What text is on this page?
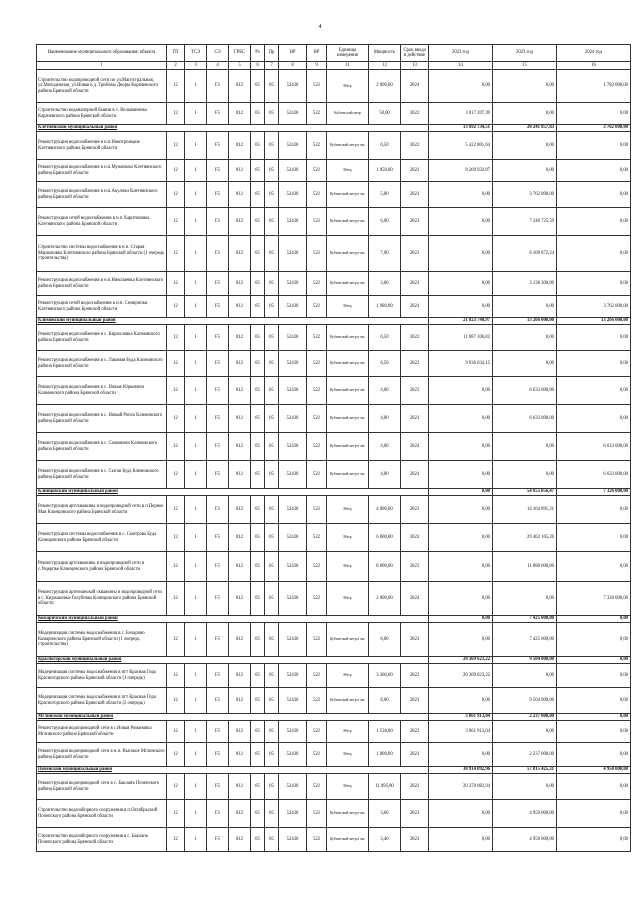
4
Наименование муниципального образования; объекта	ГП	ТСЭ	СЭ	ГРБС	Рз	Пр	НР	ВР	Единица измерения	Мощность	Срок ввода в действие	2022 год	2023 год	2024 год
1	2	3	4	5	6	7	8	9	11	12	13	14	15	16
Строительство водопроводной сети по ул.Магистральная, ул.Молодежная, ул.Новая в д. Грибовы Дворы Карачевского района Брянской области	12	1	F5	812	05	05	52430	522	Метр	2 000,00	2024	0,00	0,00	1 782 000,00
Строительство водонапорной башни в с. Вельяминова Карачевского района Брянской области	12	1	F5	812	05	05	52430	522	Кубический метр	50,00	2022	3 017 207,39	0,00	0,00
Клетнянский муниципальный район												13 692 734,51	20 241 857,83	3 762 000,00
Реконструкция водоснабжения в н.п.Новотроицкое Клетнянского района Брянской области	12	1	F5	812	05	05	52430	522	Кубический метр в час	6,50	2022	5 422 801,64	0,00	0,00
Реконструкция водоснабжения в н.п.Мужиново Клетнянского района Брянской области	12	1	F5	812	05	05	52430	522	Метр	1 958,00	2022	8 269 932,87	0,00	0,00
Реконструкция водоснабжения в н.п.Акуличи Клетнянского района Брянской области	12	1	F5	812	05	05	52430	522	Кубический метр в час	5,00	2023	0,00	3 762 000,00	0,00
Реконструкция сетей водоснабжения в н.п.Харитоновка Клетнянского района Брянской области	12	1	F5	812	05	05	52430	522	Кубический метр в час	6,00	2023	0,00	7 240 725,59	0,00
Строительство системы водоснабжения в н.п. Старая Мармазовка Клетнянского района Брянской области (1 очередь строительства)	12	1	F5	812	05	05	52430	522	Кубический метр в час	7,00	2022	0,00	6 100 872,24	0,00
Реконструкция водоснабжения в н.п.Николаевка Клетнянского района Брянской области	12	1	F5	812	05	05	52430	522	Кубический метр в час	3,00	2023	0,00	3 138 300,00	0,00
Реконструкция сетей водоснабжения в н.п. Семирички Клетнянского района Брянской области	12	1	F5	812	05	05	52430	522	Метр	1 980,00	2024	0,00	0,00	3 762 000,00
Климовский муниципальный район												21 023 740,97	13 266 000,00	13 266 000,00
Реконструкция водоснабжения в с. Кирилловка Климовского района Брянской области	12	1	F5	812	05	05	52430	522	Кубический метр в час	6,50	2022	11 087 106,82	0,00	0,00
Реконструкция водоснабжения в с. Лакомая Буда Климовского района Брянской области	12	1	F5	812	05	05	52430	522	Кубический метр в час	6,50	2022	9 936 634,15	0,00	0,00
Реконструкция водоснабжения в с. Новые Юрковичи Климовского района Брянской области	12	1	F5	812	05	05	52430	522	Кубический метр в час	4,00	2023	0,00	6 633 000,00	0,00
Реконструкция водоснабжения в с. Новый Ропск Климовского района Брянской области	12	1	F5	812	05	05	52430	522	Кубический метр в час	4,00	2023	0,00	6 633 000,00	0,00
Реконструкция водоснабжения в с. Сачковичи Климовского района Брянской области	12	1	F5	812	05	05	52430	522	Кубический метр в час	4,00	2024	0,00	0,00	6 633 000,00
Реконструкция водоснабжения в с. Сытая Буда Климовского района Брянской области	12	1	F5	812	05	05	52430	522	Кубический метр в час	4,00	2024	0,00	0,00	6 633 000,00
Клинцовский муниципальный район												0,00	54 655 056,47	7 326 000,00
Реконструкция артскважины и водопроводной сети в п.Первое Мая Клинцовского района Брянской области	12	1	F5	812	05	05	52430	522	Метр	4 000,00	2022	0,00	14 164 891,21	0,00
Реконструкция системы водоснабжения в с. Смотрова Буда Клинцовского района Брянской области	12	1	F5	812	05	05	52430	522	Метр	6 000,00	2023	0,00	29 402 165,26	0,00
Реконструкция артскважины и водопроводной сети в с.Ущерпье Клинцовского района Брянской области	12	1	F5	812	05	05	52430	522	Метр	8 000,00	2023	0,00	11 088 000,00	0,00
Реконструкция артезианской скважины и водопроводной сети в с. Киржаковка-Голубовка Клинцовского района Брянской области	12	1	F5	812	05	05	52430	522	Метр	2 000,00	2024	0,00	0,00	7 326 000,00
Комаричский муниципальный район												0,00	7 425 000,00	0,00
Модернизация системы водоснабжения в с. Бочарово Комаричского района Брянской области (1 очередь строительства)	12	1	F5	812	05	05	52430	522	Кубический метр в час	6,00	2023	0,00	7 425 000,00	0,00
Красногорский муниципальный район												20 369 623,22	9 504 000,00	0,00
Модернизация системы водоснабжения в пгт Красная Гора Красногорского района Брянской области (1 очередь)	12	1	F5	812	05	05	52430	522	Метр	3 300,00	2022	20 369 623,22	0,00	0,00
Модернизация системы водоснабжения в пгт Красная Гора Красногорского района Брянской области (2 очередь)	12	1	F5	812	05	05	52430	522	Кубический метр в час	8,00	2023	0,00	9 504 000,00	0,00
Мглинский муниципальный район												3 061 913,04	2 237 000,00	0,00
Реконструкция водопроводной сети в с.Новая Романовка Мглинского района Брянской области	12	1	F5	812	05	05	52430	522	Метр	1 538,00	2022	3 061 913,04	0,00	0,00
Реконструкция водопроводной сети в н.п. Высокое Мглинского района Брянской области	12	1	F5	812	05	05	52430	522	Метр	1 800,00	2023	0,00	2 237 000,00	0,00
Почепский муниципальный район												30 914 092,96	57 815 425,31	4 950 000,00
Реконструкция водопроводной сети в с. Бакланъ Почепского района Брянской области	12	1	F5	812	05	05	52430	522	Метр	11 095,00	2022	20 370 083,94	0,00	0,00
Строительство водозаборного сооружения в п.Октябрьский Почепского района Брянской области	12	1	F5	812	05	05	52430	522	Кубический метр в час	3,60	2023	0,00	4 950 000,00	0,00
Строительство водозаборного сооружения в с. Бакланъ Почепского района Брянской области	12	1	F5	812	05	05	52430	522	Кубический метр в час	3,40	2023	0,00	4 950 000,00	0,00
